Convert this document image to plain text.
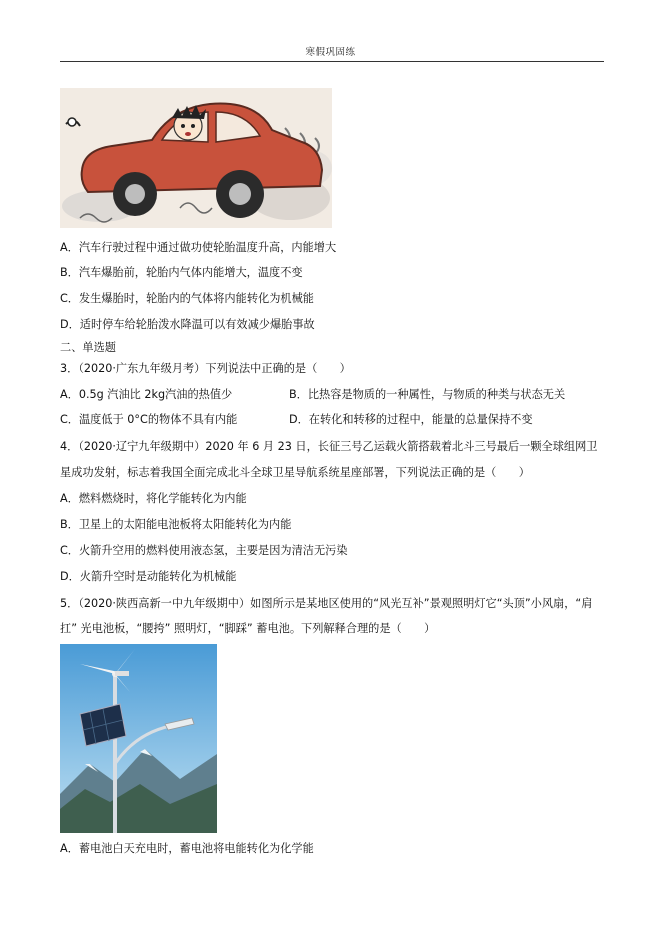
寒假巩固练
A．汽车行驶过程中通过做功使轮胎温度升高，内能增大
B．汽车爆胎前，轮胎内气体内能增大，温度不变
C．发生爆胎时，轮胎内的气体将内能转化为机械能
D．适时停车给轮胎泼水降温可以有效减少爆胎事故
二、单选题
3．（2020·广东九年级月考）下列说法中正确的是（　　）
A．0.5g 汽油比 2kg汽油的热值少	B．比热容是物质的一种属性，与物质的种类与状态无关
C．温度低于 0°C的物体不具有内能	D．在转化和转移的过程中，能量的总量保持不变
4．（2020·辽宁九年级期中）2020 年 6 月 23 日，长征三号乙运载火箭搭载着北斗三号最后一颗全球组网卫
星成功发射，标志着我国全面完成北斗全球卫星导航系统星座部署，下列说法正确的是（　　）
A．燃料燃烧时，将化学能转化为内能
B．卫星上的太阳能电池板将太阳能转化为内能
C．火箭升空用的燃料使用液态氢，主要是因为清洁无污染
D．火箭升空时是动能转化为机械能
5．（2020·陕西高新一中九年级期中）如图所示是某地区使用的“风光互补”景观照明灯它“头顶”小风扇，“肩
扛” 光电池板，“腰挎” 照明灯，“脚踩” 蓄电池。下列解释合理的是（　　）
A．蓄电池白天充电时，蓄电池将电能转化为化学能
